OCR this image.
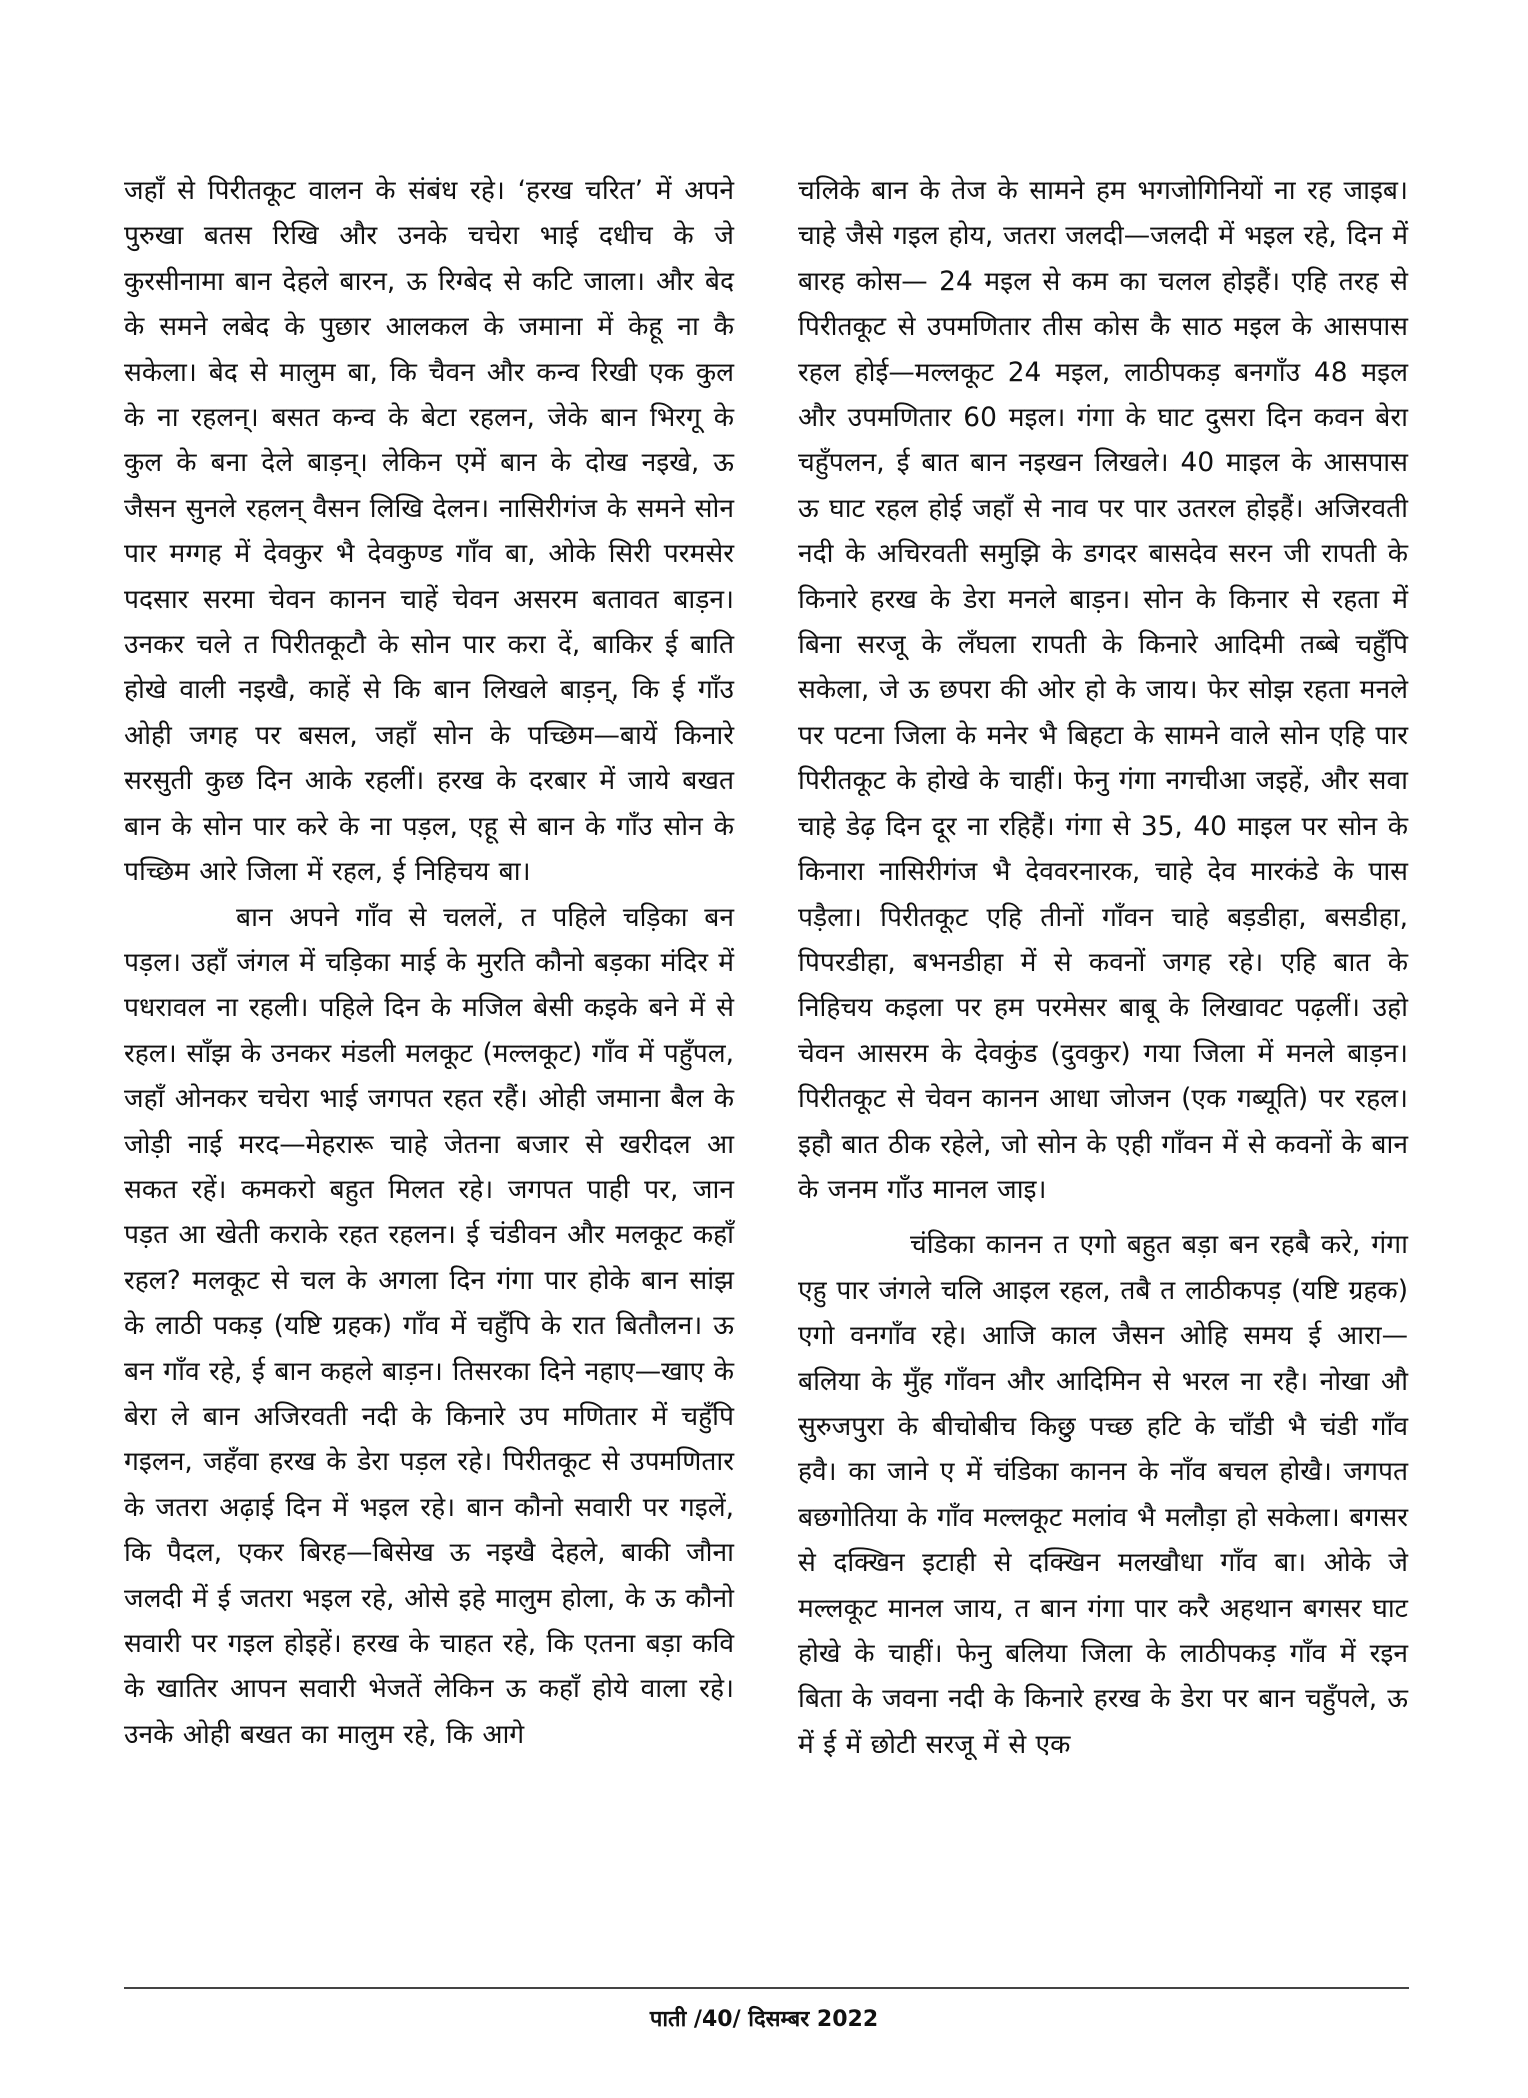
जहाँ से पिरीतकूट वालन के संबंध रहे। ‘हरख चरित’ में अपने पुरुखा बतस रिखि और उनके चचेरा भाई दधीच के जे कुरसीनामा बान देहले बारन, ऊ रिग्बेद से कटि जाला। और बेद के समने लबेद के पुछार आलकल के जमाना में केहू ना कै सकेला। बेद से मालुम बा, कि चैवन और कन्व रिखी एक कुल के ना रहलन्। बसत कन्व के बेटा रहलन, जेके बान भिरगू के कुल के बना देले बाड़न्। लेकिन एमें बान के दोख नइखे, ऊ जैसन सुनले रहलन् वैसन लिखि देलन। नासिरीगंज के समने सोन पार मग्गह में देवकुर भै देवकुण्ड गाँव बा, ओके सिरी परमसेर पदसार सरमा चेवन कानन चाहें चेवन असरम बतावत बाड़न। उनकर चले त पिरीतकूटौ के सोन पार करा दें, बाकिर ई बाति होखे वाली नइखै, काहें से कि बान लिखले बाड़न्, कि ई गाँउ ओही जगह पर बसल, जहाँ सोन के पच्छिम—बायें किनारे सरसुती कुछ दिन आके रहलीं। हरख के दरबार में जाये बखत बान के सोन पार करे के ना पड़ल, एहू से बान के गाँउ सोन के पच्छिम आरे जिला में रहल, ई निहिचय बा।

बान अपने गाँव से चललें, त पहिले चड़िका बन पड़ल। उहाँ जंगल में चड़िका माई के मुरति कौनो बड़का मंदिर में पधरावल ना रहली। पहिले दिन के मजिल बेसी कइके बने में से रहल। साँझ के उनकर मंडली मलकूट (मल्लकूट) गाँव में पहुँपल, जहाँ ओनकर चचेरा भाई जगपत रहत रहैं। ओही जमाना बैल के जोड़ी नाई मरद—मेहरारू चाहे जेतना बजार से खरीदल आ सकत रहें। कमकरो बहुत मिलत रहे। जगपत पाही पर, जान पड़त आ खेती कराके रहत रहलन। ई चंडीवन और मलकूट कहाँ रहल? मलकूट से चल के अगला दिन गंगा पार होके बान सांझ के लाठी पकड़ (यष्टि ग्रहक) गाँव में चहुँपि के रात बितौलन। ऊ बन गाँव रहे, ई बान कहले बाड़न। तिसरका दिने नहाए—खाए के बेरा ले बान अजिरवती नदी के किनारे उप मणितार में चहुँपि गइलन, जहँवा हरख के डेरा पड़ल रहे। पिरीतकूट से उपमणितार के जतरा अढ़ाई दिन में भइल रहे। बान कौनो सवारी पर गइलें, कि पैदल, एकर बिरह—बिसेख ऊ नइखै देहले, बाकी जौना जलदी में ई जतरा भइल रहे, ओसे इहे मालुम होला, के ऊ कौनो सवारी पर गइल होइहें। हरख के चाहत रहे, कि एतना बड़ा कवि के खातिर आपन सवारी भेजतें लेकिन ऊ कहाँ होये वाला रहे। उनके ओही बखत का मालुम रहे, कि आगे

चलिके बान के तेज के सामने हम भगजोगिनियों ना रह जाइब। चाहे जैसे गइल होय, जतरा जलदी—जलदी में भइल रहे, दिन में बारह कोस— 24 मइल से कम का चलल होइहैं। एहि तरह से पिरीतकूट से उपमणितार तीस कोस कै साठ मइल के आसपास रहल होई—मल्लकूट 24 मइल, लाठीपकड़ बनगाँउ 48 मइल और उपमणितार 60 मइल। गंगा के घाट दुसरा दिन कवन बेरा चहुँपलन, ई बात बान नइखन लिखले। 40 माइल के आसपास ऊ घाट रहल होई जहाँ से नाव पर पार उतरल होइहैं। अजिरवती नदी के अचिरवती समुझि के डगदर बासदेव सरन जी रापती के किनारे हरख के डेरा मनले बाड़न। सोन के किनार से रहता में बिना सरजू के लँघला रापती के किनारे आदिमी तब्बे चहुँपि सकेला, जे ऊ छपरा की ओर हो के जाय। फेर सोझ रहता मनले पर पटना जिला के मनेर भै बिहटा के सामने वाले सोन एहि पार पिरीतकूट के होखे के चाहीं। फेनु गंगा नगचीआ जइहें, और सवा चाहे डेढ़ दिन दूर ना रहिहैं। गंगा से 35, 40 माइल पर सोन के किनारा नासिरीगंज भै देववरनारक, चाहे देव मारकंडे के पास पड़ैला। पिरीतकूट एहि तीनों गाँवन चाहे बड़डीहा, बसडीहा, पिपरडीहा, बभनडीहा में से कवनों जगह रहे। एहि बात के निहिचय कइला पर हम परमेसर बाबू के लिखावट पढ़लीं। उहो चेवन आसरम के देवकुंड (दुवकुर) गया जिला में मनले बाड़न। पिरीतकूट से चेवन कानन आधा जोजन (एक गब्यूति) पर रहल। इहौ बात ठीक रहेले, जो सोन के एही गाँवन में से कवनों के बान के जनम गाँउ मानल जाइ।

चंडिका कानन त एगो बहुत बड़ा बन रहबै करे, गंगा एहु पार जंगले चलि आइल रहल, तबै त लाठीकपड़ (यष्टि ग्रहक) एगो वनगाँव रहे। आजि काल जैसन ओहि समय ई आरा—बलिया के मुँह गाँवन और आदिमिन से भरल ना रहै। नोखा औ सुरुजपुरा के बीचोबीच किछु पच्छ हटि के चाँडी भै चंडी गाँव हवै। का जाने ए में चंडिका कानन के नाँव बचल होखै। जगपत बछगोतिया के गाँव मल्लकूट मलांव भै मलौड़ा हो सकेला। बगसर से दक्खिन इटाही से दक्खिन मलखौधा गाँव बा। ओके जे मल्लकूट मानल जाय, त बान गंगा पार करै अहथान बगसर घाट होखे के चाहीं। फेनु बलिया जिला के लाठीपकड़ गाँव में रइन बिता के जवना नदी के किनारे हरख के डेरा पर बान चहुँपले, ऊ में ई में छोटी सरजू में से एक

पाती /40/ दिसम्बर 2022
